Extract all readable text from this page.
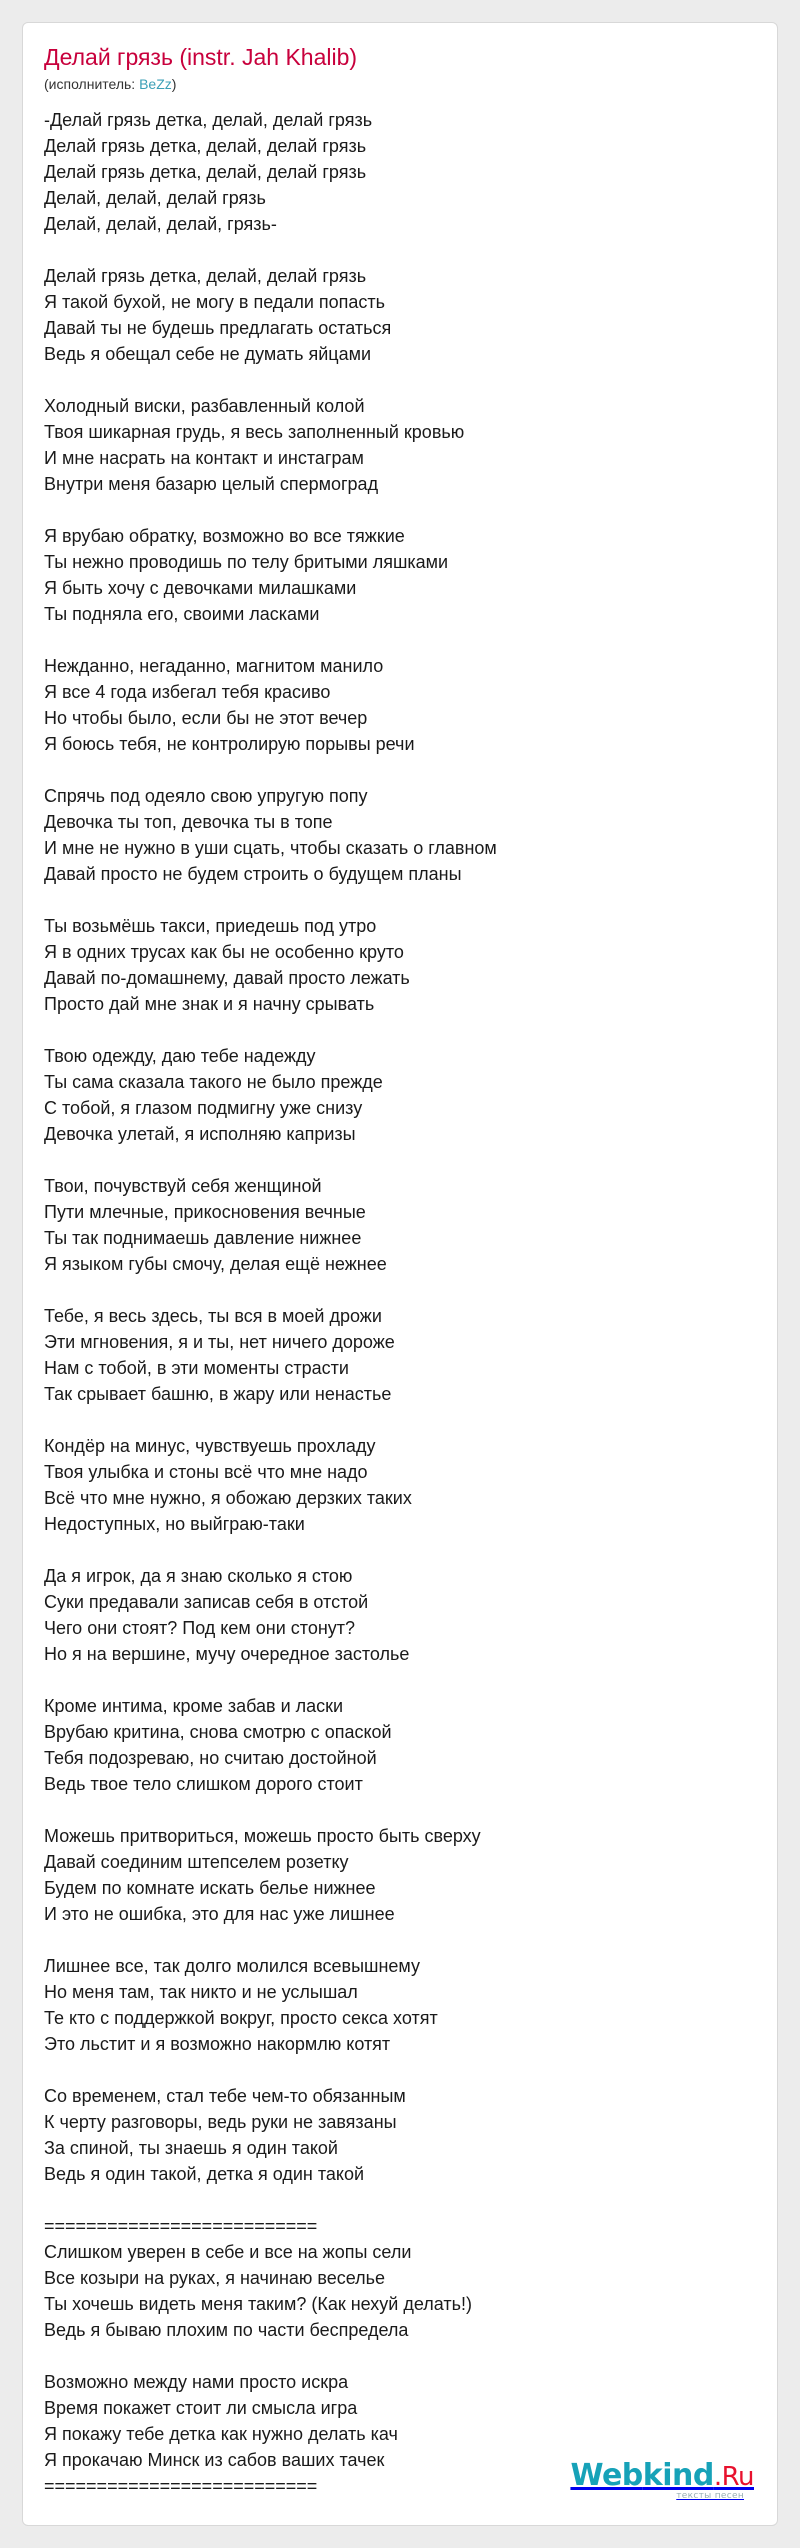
Делай грязь (instr. Jah Khalib)
(исполнитель: BeZz)
-Делай грязь детка, делай, делай грязь
Делай грязь детка, делай, делай грязь
Делай грязь детка, делай, делай грязь
Делай, делай, делай грязь
Делай, делай, делай, грязь-
Делай грязь детка, делай, делай грязь
Я такой бухой, не могу в педали попасть
Давай ты не будешь предлагать остаться
Ведь я обещал себе не думать яйцами
Холодный виски, разбавленный колой
Твоя шикарная грудь, я весь заполненный кровью
И мне насрать на контакт и инстаграм
Внутри меня базарю целый спермоград
Я врубаю обратку, возможно во все тяжкие
Ты нежно проводишь по телу бритыми ляшками
Я быть хочу с девочками милашками
Ты подняла его, своими ласками
Нежданно, негаданно, магнитом манило
Я все 4 года избегал тебя красиво
Но чтобы было, если бы не этот вечер
Я боюсь тебя, не контролирую порывы речи
Спрячь под одеяло свою упругую попу
Девочка ты топ, девочка ты в топе
И мне не нужно в уши сцать, чтобы сказать о главном
Давай просто не будем строить о будущем планы
Ты возьмёшь такси, приедешь под утро
Я в одних трусах как бы не особенно круто
Давай по-домашнему, давай просто лежать
Просто дай мне знак и я начну срывать
Твою одежду, даю тебе надежду
Ты сама сказала такого не было прежде
С тобой, я глазом подмигну уже снизу
Девочка улетай, я исполняю капризы
Твои, почувствуй себя женщиной
Пути млечные, прикосновения вечные
Ты так поднимаешь давление нижнее
Я языком губы смочу, делая ещё нежнее
Тебе, я весь здесь, ты вся в моей дрожи
Эти мгновения, я и ты, нет ничего дороже
Нам с тобой, в эти моменты страсти
Так срывает башню, в жару или ненастье
Кондёр на минус, чувствуешь прохладу
Твоя улыбка и стоны всё что мне надо
Всё что мне нужно, я обожаю дерзких таких
Недоступных, но выйграю-таки
Да я игрок, да я знаю сколько я стою
Суки предавали записав себя в отстой
Чего они стоят? Под кем они стонут?
Но я на вершине, мучу очередное застолье
Кроме интима, кроме забав и ласки
Врубаю критина, снова смотрю с опаской
Тебя подозреваю, но считаю достойной
Ведь твое тело слишком дорого стоит
Можешь притвориться, можешь просто быть сверху
Давай соединим штепселем розетку
Будем по комнате искать белье нижнее
И это не ошибка, это для нас уже лишнее
Лишнее все, так долго молился всевышнему
Но меня там, так никто и не услышал
Те кто с поддержкой вокруг, просто секса хотят
Это льстит и я возможно накормлю котят
Со временем, стал тебе чем-то обязанным
К черту разговоры, ведь руки не завязаны
За спиной, ты знаешь я один такой
Ведь я один такой, детка я один такой
==========================
Слишком уверен в себе и все на жопы сели
Все козыри на руках, я начинаю веселье
Ты хочешь видеть меня таким? (Как нехуй делать!)
Ведь я бываю плохим по части беспредела
Возможно между нами просто искра
Время покажет стоит ли смысла игра
Я покажу тебе детка как нужно делать кач
Я прокачаю Минск из сабов ваших тачек
==========================	Webkind.Ru
тексты песен
